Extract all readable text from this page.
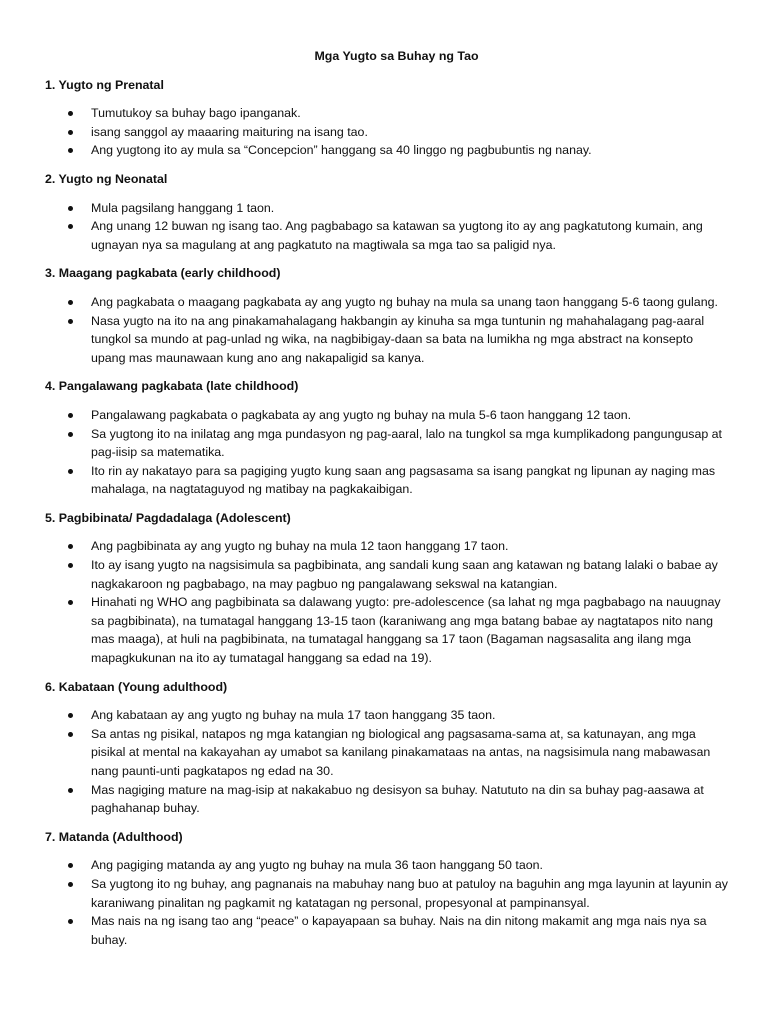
Mga Yugto sa Buhay ng Tao
1. Yugto ng Prenatal
Tumutukoy sa buhay bago ipanganak.
isang sanggol ay maaaring maituring na isang tao.
Ang yugtong ito ay mula sa “Concepcion” hanggang sa 40 linggo ng pagbubuntis ng nanay.
2. Yugto ng Neonatal
Mula pagsilang hanggang 1 taon.
Ang unang 12 buwan ng isang tao. Ang pagbabago sa katawan sa yugtong ito ay ang pagkatutong kumain, ang ugnayan nya sa magulang at ang pagkatuto na magtiwala sa mga tao sa paligid nya.
3. Maagang pagkabata (early childhood)
Ang pagkabata o maagang pagkabata ay ang yugto ng buhay na mula sa unang taon hanggang 5-6 taong gulang.
Nasa yugto na ito na ang pinakamahalagang hakbangin ay kinuha sa mga tuntunin ng mahahalagang pag-aaral tungkol sa mundo at pag-unlad ng wika, na nagbibigay-daan sa bata na lumikha ng mga abstract na konsepto upang mas maunawaan kung ano ang nakapaligid sa kanya.
4. Pangalawang pagkabata (late childhood)
Pangalawang pagkabata o pagkabata ay ang yugto ng buhay na mula 5-6 taon hanggang 12 taon.
Sa yugtong ito na inilatag ang mga pundasyon ng pag-aaral, lalo na tungkol sa mga kumplikadong pangungusap at pag-iisip sa matematika.
Ito rin ay nakatayo para sa pagiging yugto kung saan ang pagsasama sa isang pangkat ng lipunan ay naging mas mahalaga, na nagtataguyod ng matibay na pagkakaibigan.
5. Pagbibinata/ Pagdadalaga (Adolescent)
Ang pagbibinata ay ang yugto ng buhay na mula 12 taon hanggang 17 taon.
Ito ay isang yugto na nagsisimula sa pagbibinata, ang sandali kung saan ang katawan ng batang lalaki o babae ay nagkakaroon ng pagbabago, na may pagbuo ng pangalawang sekswal na katangian.
Hinahati ng WHO ang pagbibinata sa dalawang yugto: pre-adolescence (sa lahat ng mga pagbabago na nauugnay sa pagbibinata), na tumatagal hanggang 13-15 taon (karaniwang ang mga batang babae ay nagtatapos nito nang mas maaga), at huli na pagbibinata, na tumatagal hanggang sa 17 taon (Bagaman nagsasalita ang ilang mga mapagkukunan na ito ay tumatagal hanggang sa edad na 19).
6. Kabataan (Young adulthood)
Ang kabataan ay ang yugto ng buhay na mula 17 taon hanggang 35 taon.
Sa antas ng pisikal, natapos ng mga katangian ng biological ang pagsasama-sama at, sa katunayan, ang mga pisikal at mental na kakayahan ay umabot sa kanilang pinakamataas na antas, na nagsisimula nang mabawasan nang paunti-unti pagkatapos ng edad na 30.
Mas nagiging mature na mag-isip at nakakabuo ng desisyon sa buhay. Natututo na din sa buhay pag-aasawa at paghahanap buhay.
7. Matanda (Adulthood)
Ang pagiging matanda ay ang yugto ng buhay na mula 36 taon hanggang 50 taon.
Sa yugtong ito ng buhay, ang pagnanais na mabuhay nang buo at patuloy na baguhin ang mga layunin at layunin ay karaniwang pinalitan ng pagkamit ng katatagan ng personal, propesyonal at pampinansyal.
Mas nais na ng isang tao ang “peace” o kapayapaan sa buhay. Nais na din nitong makamit ang mga nais nya sa buhay.
